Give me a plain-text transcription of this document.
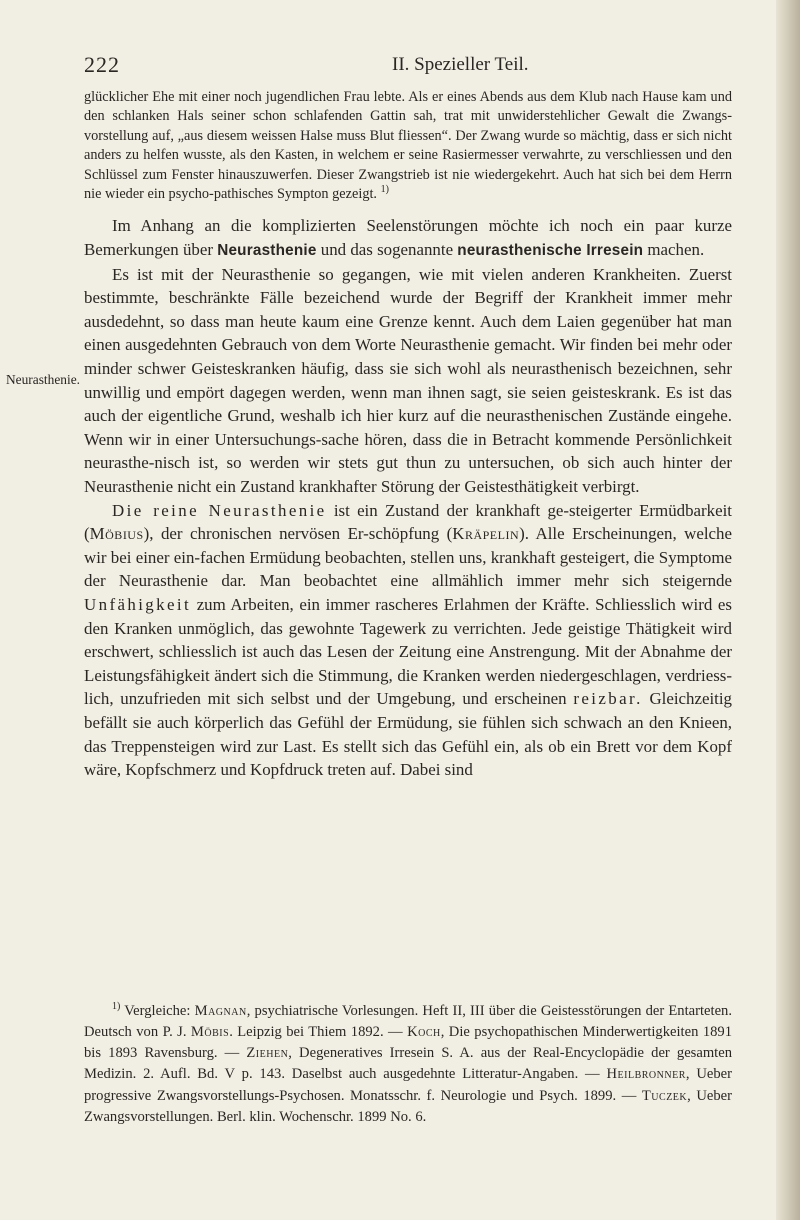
222	II. Spezieller Teil.
Neurasthenie.

glücklicher Ehe mit einer noch jugendlichen Frau lebte. Als er eines Abends aus dem Klub nach Hause kam und den schlanken Hals seiner schon schlafenden Gattin sah, trat mit unwiderstehlicher Gewalt die Zwangs-vorstellung auf, „aus diesem weissen Halse muss Blut fliessen“. Der Zwang wurde so mächtig, dass er sich nicht anders zu helfen wusste, als den Kasten, in welchem er seine Rasiermesser verwahrte, zu verschliessen und den Schlüssel zum Fenster hinauszuwerfen. Dieser Zwangstrieb ist nie wiedergekehrt. Auch hat sich bei dem Herrn nie wieder ein psycho-pathisches Sympton gezeigt. $^{1)}$

Im Anhang an die komplizierten Seelenstörungen möchte ich noch ein paar kurze Bemerkungen über Neurasthenie und das sogenannte neurasthenische Irresein machen.

Es ist mit der Neurasthenie so gegangen, wie mit vielen anderen Krankheiten. Zuerst bestimmte, beschränkte Fälle bezeichend wurde der Begriff der Krankheit immer mehr ausdedehnt, so dass man heute kaum eine Grenze kennt. Auch dem Laien gegenüber hat man einen ausgedehnten Gebrauch von dem Worte Neurasthenie gemacht. Wir finden bei mehr oder minder schwer Geisteskranken häufig, dass sie sich wohl als neurasthenisch bezeichnen, sehr unwillig und empört dagegen werden, wenn man ihnen sagt, sie seien geisteskrank. Es ist das auch der eigentliche Grund, weshalb ich hier kurz auf die neurasthenischen Zustände eingehe. Wenn wir in einer Untersuchungs-sache hören, dass die in Betracht kommende Persönlichkeit neurasthe-nisch ist, so werden wir stets gut thun zu untersuchen, ob sich auch hinter der Neurasthenie nicht ein Zustand krankhafter Störung der Geistesthätigkeit verbirgt.

Die reine Neurasthenie ist ein Zustand der krankhaft ge-steigerter Ermüdbarkeit (Möbius), der chronischen nervösen Er-schöpfung (Kräpelin). Alle Erscheinungen, welche wir bei einer ein-fachen Ermüdung beobachten, stellen uns, krankhaft gesteigert, die Symptome der Neurasthenie dar. Man beobachtet eine allmählich immer mehr sich steigernde Unfähigkeit zum Arbeiten, ein immer rascheres Erlahmen der Kräfte. Schliesslich wird es den Kranken unmöglich, das gewohnte Tagewerk zu verrichten. Jede geistige Thätigkeit wird erschwert, schliesslich ist auch das Lesen der Zeitung eine Anstrengung. Mit der Abnahme der Leistungsfähigkeit ändert sich die Stimmung, die Kranken werden niedergeschlagen, verdriess-lich, unzufrieden mit sich selbst und der Umgebung, und erscheinen reizbar. Gleichzeitig befällt sie auch körperlich das Gefühl der Ermüdung, sie fühlen sich schwach an den Knieen, das Treppensteigen wird zur Last. Es stellt sich das Gefühl ein, als ob ein Brett vor dem Kopf wäre, Kopfschmerz und Kopfdruck treten auf. Dabei sind

$^{1)}$ Vergleiche: Magnan, psychiatrische Vorlesungen. Heft II, III über die Geistesstörungen der Entarteten. Deutsch von P. J. Möbis. Leipzig bei Thiem 1892. — Koch, Die psychopathischen Minderwertigkeiten 1891 bis 1893 Ravensburg. — Ziehen, Degeneratives Irresein S. A. aus der Real-Encyclopädie der gesamten Medizin. 2. Aufl. Bd. V p. 143. Daselbst auch ausgedehnte Litteratur-Angaben. — Heilbronner, Ueber progressive Zwangsvorstellungs-Psychosen. Monatsschr. f. Neurologie und Psych. 1899. — Tuczek, Ueber Zwangsvorstellungen. Berl. klin. Wochenschr. 1899 No. 6.
